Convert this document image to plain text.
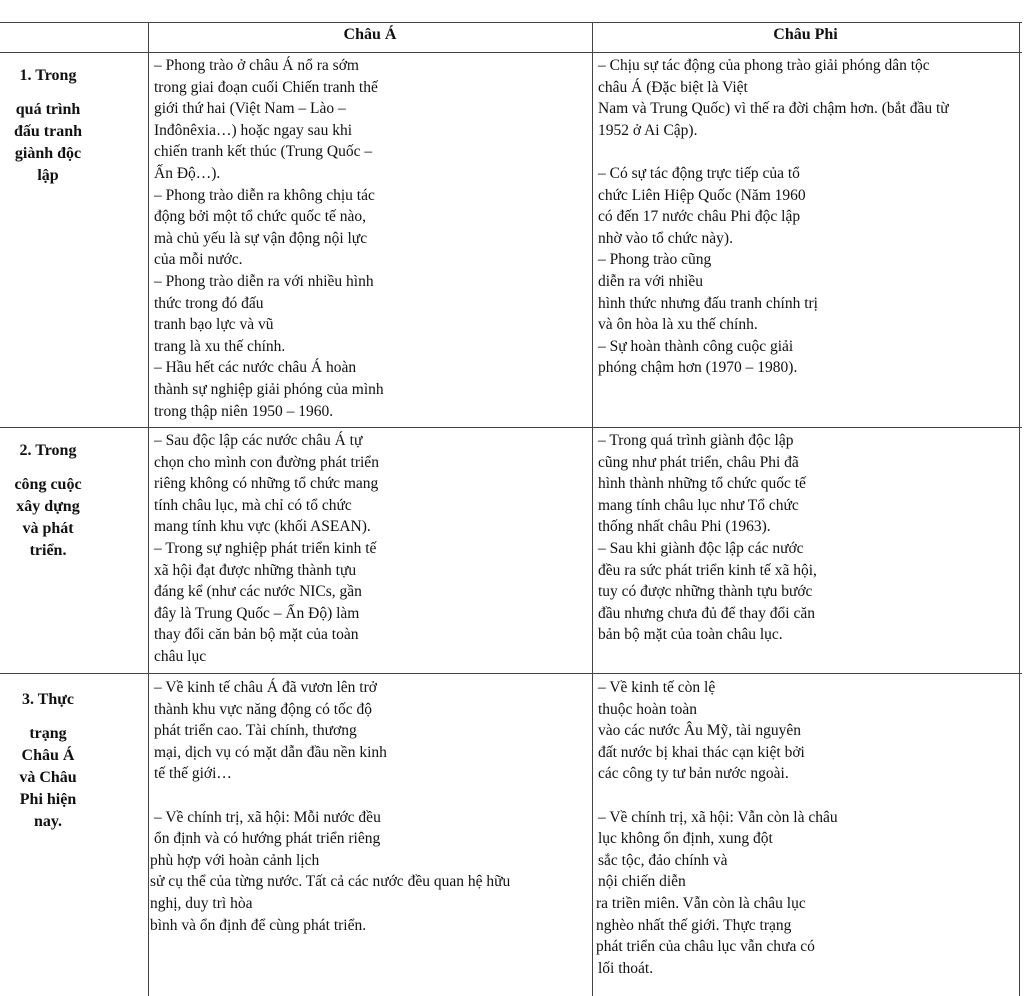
Châu Á	Châu Phi
1. Trong
quá trình
đấu tranh
giành độc
lập
– Phong trào ở châu Á nổ ra sớm
trong giai đoạn cuối Chiến tranh thế
giới thứ hai (Việt Nam – Lào –
Inđônêxia…) hoặc ngay sau khi
chiến tranh kết thúc (Trung Quốc –
Ấn Độ…).
– Phong trào diễn ra không chịu tác
động bởi một tổ chức quốc tế nào,
mà chủ yếu là sự vận động nội lực
của mỗi nước.
– Phong trào diễn ra với nhiều hình
thức trong đó đấu
tranh bạo lực và vũ
trang là xu thế chính.
– Hầu hết các nước châu Á hoàn
thành sự nghiệp giải phóng của mình
trong thập niên 1950 – 1960.
– Chịu sự tác động của phong trào giải phóng dân tộc
châu Á (Đặc biệt là Việt
Nam và Trung Quốc) vì thế ra đời chậm hơn. (bắt đầu từ
1952 ở Ai Cập).
– Có sự tác động trực tiếp của tổ
chức Liên Hiệp Quốc (Năm 1960
có đến 17 nước châu Phi độc lập
nhờ vào tổ chức này).
– Phong trào cũng
diễn ra với nhiều
hình thức nhưng đấu tranh chính trị
và ôn hòa là xu thế chính.
– Sự hoàn thành công cuộc giải
phóng chậm hơn (1970 – 1980).
2. Trong
công cuộc
xây dựng
và phát
triển.
– Sau độc lập các nước châu Á tự
chọn cho mình con đường phát triển
riêng không có những tổ chức mang
tính châu lục, mà chỉ có tổ chức
mang tính khu vực (khối ASEAN).
– Trong sự nghiệp phát triển kinh tế
xã hội đạt được những thành tựu
đáng kể (như các nước NICs, gần
đây là Trung Quốc – Ấn Độ) làm
thay đổi căn bản bộ mặt của toàn
châu lục
– Trong quá trình giành độc lập
cũng như phát triển, châu Phi đã
hình thành những tổ chức quốc tế
mang tính châu lục như Tổ chức
thống nhất châu Phi (1963).
– Sau khi giành độc lập các nước
đều ra sức phát triển kinh tế xã hội,
tuy có được những thành tựu bước
đầu nhưng chưa đủ để thay đổi căn
bản bộ mặt của toàn châu lục.
3. Thực
trạng
Châu Á
và Châu
Phi hiện
nay.
– Về kinh tế châu Á đã vươn lên trở
thành khu vực năng động có tốc độ
phát triển cao. Tài chính, thương
mại, dịch vụ có mặt dẫn đầu nền kinh
tế thế giới…
– Về chính trị, xã hội: Mỗi nước đều
ổn định và có hướng phát triển riêng
phù hợp với hoàn cảnh lịch
sử cụ thể của từng nước. Tất cả các nước đều quan hệ hữu
nghị, duy trì hòa
bình và ổn định để cùng phát triển.
– Về kinh tế còn lệ
thuộc hoàn toàn
vào các nước Âu Mỹ, tài nguyên
đất nước bị khai thác cạn kiệt bởi
các công ty tư bản nước ngoài.
– Về chính trị, xã hội: Vẫn còn là châu
lục không ổn định, xung đột
sắc tộc, đảo chính và
nội chiến diễn
ra triền miên. Vẫn còn là châu lục
nghèo nhất thế giới. Thực trạng
phát triển của châu lục vẫn chưa có
lối thoát.
